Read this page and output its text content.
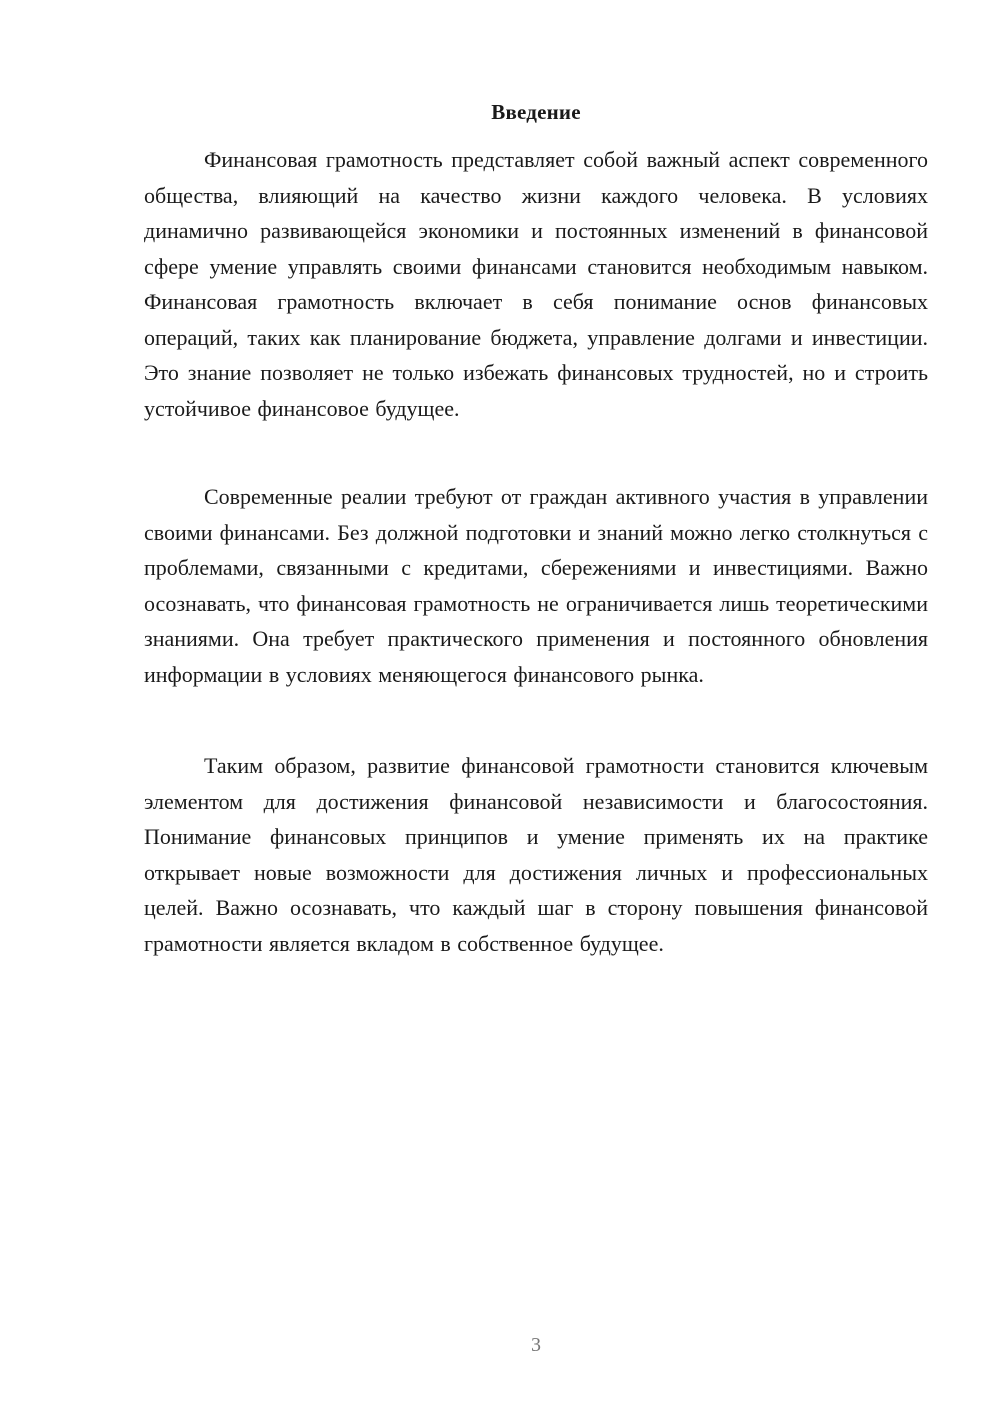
Введение

Финансовая грамотность представляет собой важный аспект современного общества, влияющий на качество жизни каждого человека. В условиях динамично развивающейся экономики и постоянных изменений в финансовой сфере умение управлять своими финансами становится необходимым навыком. Финансовая грамотность включает в себя понимание основ финансовых операций, таких как планирование бюджета, управление долгами и инвестиции. Это знание позволяет не только избежать финансовых трудностей, но и строить устойчивое финансовое будущее.

Современные реалии требуют от граждан активного участия в управлении своими финансами. Без должной подготовки и знаний можно легко столкнуться с проблемами, связанными с кредитами, сбережениями и инвестициями. Важно осознавать, что финансовая грамотность не ограничивается лишь теоретическими знаниями. Она требует практического применения и постоянного обновления информации в условиях меняющегося финансового рынка.

Таким образом, развитие финансовой грамотности становится ключевым элементом для достижения финансовой независимости и благосостояния. Понимание финансовых принципов и умение применять их на практике открывает новые возможности для достижения личных и профессиональных целей. Важно осознавать, что каждый шаг в сторону повышения финансовой грамотности является вкладом в собственное будущее.

3
